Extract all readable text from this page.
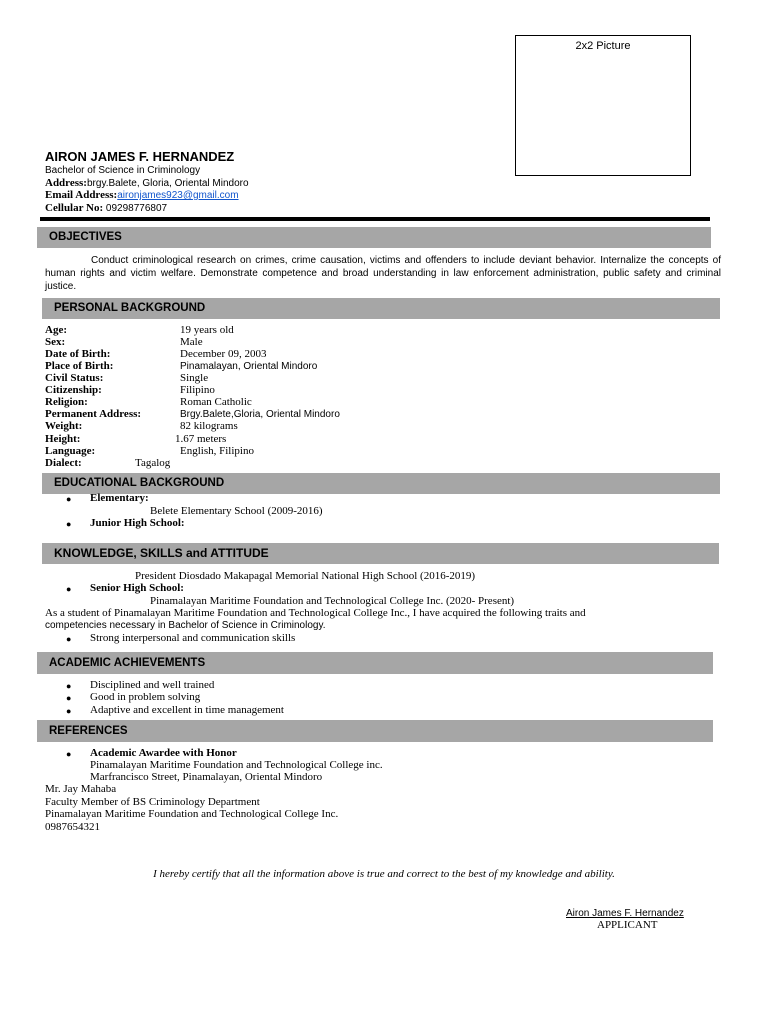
2x2 Picture
AIRON JAMES F. HERNANDEZ
Bachelor of Science in Criminology
Address:brgy.Balete, Gloria, Oriental Mindoro
Email Address:aironjames923@gmail.com
Cellular No: 09298776807
OBJECTIVES
Conduct criminological research on crimes, crime causation, victims and offenders to include deviant behavior. Internalize the concepts of human rights and victim welfare. Demonstrate competence and broad understanding in law enforcement administration, public safety and criminal justice.
PERSONAL BACKGROUND
Age:	19 years old
Sex:	Male
Date of Birth:	December 09, 2003
Place of Birth:	Pinamalayan, Oriental Mindoro
Civil Status:	Single
Citizenship:	Filipino
Religion:	Roman Catholic
Permanent Address:	Brgy.Balete,Gloria, Oriental Mindoro
Weight:	82 kilograms
Height:	1.67 meters
Language:	English, Filipino
Dialect:	Tagalog
EDUCATIONAL BACKGROUND
● Elementary:
Belete Elementary School (2009-2016)
● Junior High School:
KNOWLEDGE, SKILLS and ATTITUDE
President Diosdado Makapagal Memorial National High School (2016-2019)
● Senior High School:
Pinamalayan Maritime Foundation and Technological College Inc. (2020- Present)
As a student of Pinamalayan Maritime Foundation and Technological College Inc., I have acquired the following traits and
competencies necessary in Bachelor of Science in Criminology.
● Strong interpersonal and communication skills
ACADEMIC ACHIEVEMENTS
● Disciplined and well trained
● Good in problem solving
● Adaptive and excellent in time management
REFERENCES
● Academic Awardee with Honor
Pinamalayan Maritime Foundation and Technological College inc.
Marfrancisco Street, Pinamalayan, Oriental Mindoro
Mr. Jay Mahaba
Faculty Member of BS Criminology Department
Pinamalayan Maritime Foundation and Technological College Inc.
0987654321
I hereby certify that all the information above is true and correct to the best of my knowledge and ability.
Airon James F. Hernandez
APPLICANT
